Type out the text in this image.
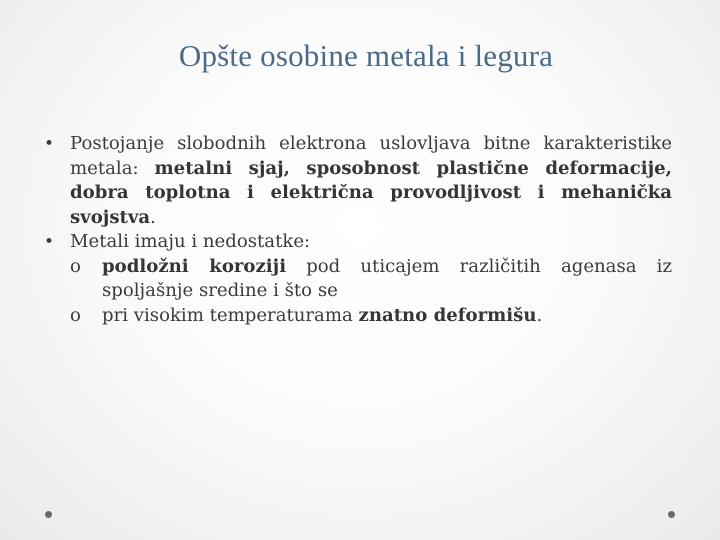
Opšte osobine metala i legura
• Postojanje slobodnih elektrona uslovljava bitne karakteristike metala: metalni sjaj, sposobnost plastične deformacije, dobra toplotna i električna provodljivost i mehanička svojstva.
• Metali imaju i nedostatke:
o podložni koroziji pod uticajem različitih agenasa iz spoljašnje sredine i što se
o pri visokim temperaturama znatno deformišu.
